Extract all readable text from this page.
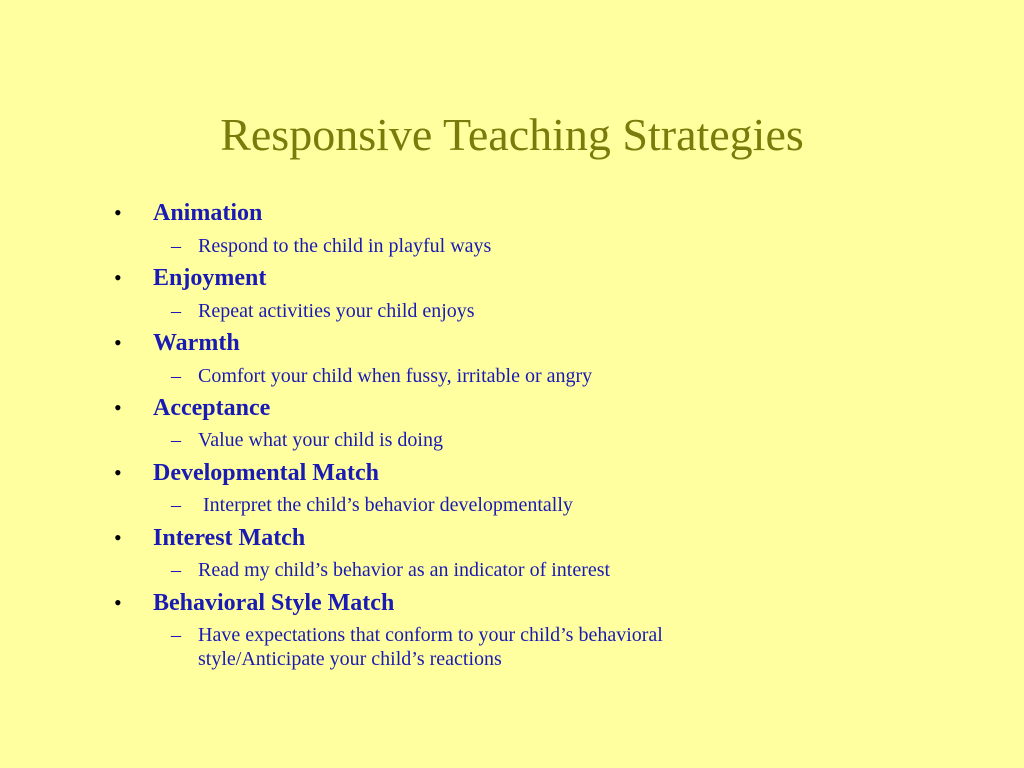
Responsive Teaching Strategies
• Animation
– Respond to the child in playful ways
• Enjoyment
– Repeat activities your child enjoys
• Warmth
– Comfort your child when fussy, irritable or angry
• Acceptance
– Value what your child is doing
• Developmental Match
– Interpret the child’s behavior developmentally
• Interest Match
– Read my child’s behavior as an indicator of interest
• Behavioral Style Match
– Have expectations that conform to your child’s behavioral
style/Anticipate your child’s reactions
